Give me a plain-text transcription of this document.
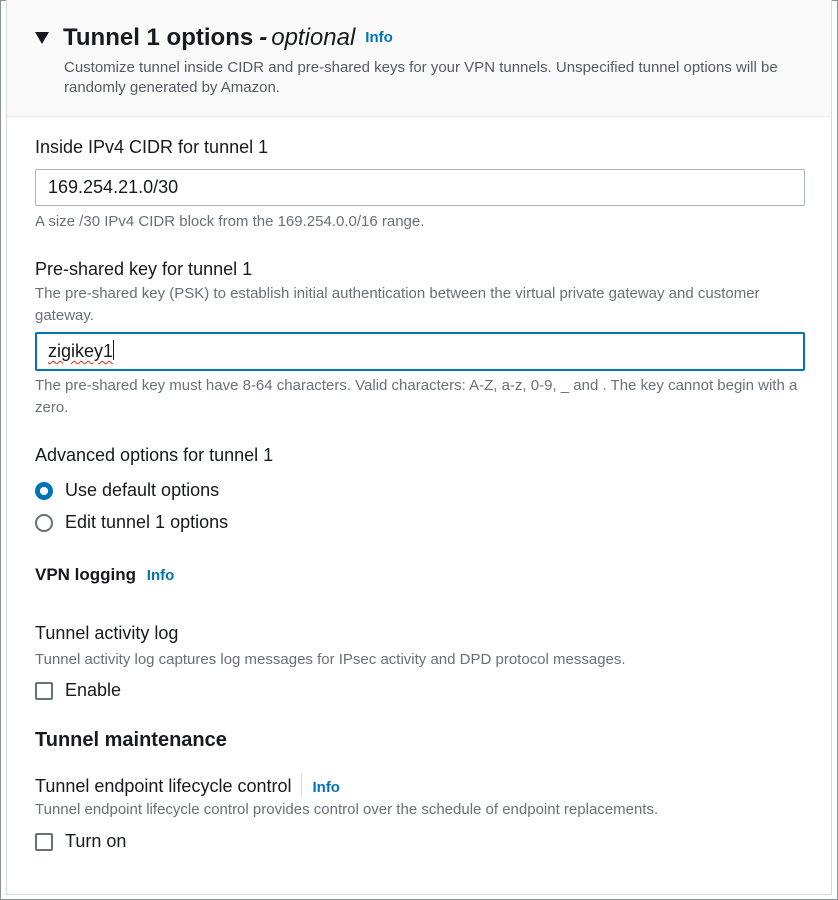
Tunnel 1 options - optional Info
Customize tunnel inside CIDR and pre-shared keys for your VPN tunnels. Unspecified tunnel options will be randomly generated by Amazon.
Inside IPv4 CIDR for tunnel 1
169.254.21.0/30
A size /30 IPv4 CIDR block from the 169.254.0.0/16 range.
Pre-shared key for tunnel 1
The pre-shared key (PSK) to establish initial authentication between the virtual private gateway and customer gateway.
zigikey1
The pre-shared key must have 8-64 characters. Valid characters: A-Z, a-z, 0-9, _ and . The key cannot begin with a zero.
Advanced options for tunnel 1
Use default options
Edit tunnel 1 options
VPN logging Info
Tunnel activity log
Tunnel activity log captures log messages for IPsec activity and DPD protocol messages.
Enable
Tunnel maintenance
Tunnel endpoint lifecycle control Info
Tunnel endpoint lifecycle control provides control over the schedule of endpoint replacements.
Turn on
